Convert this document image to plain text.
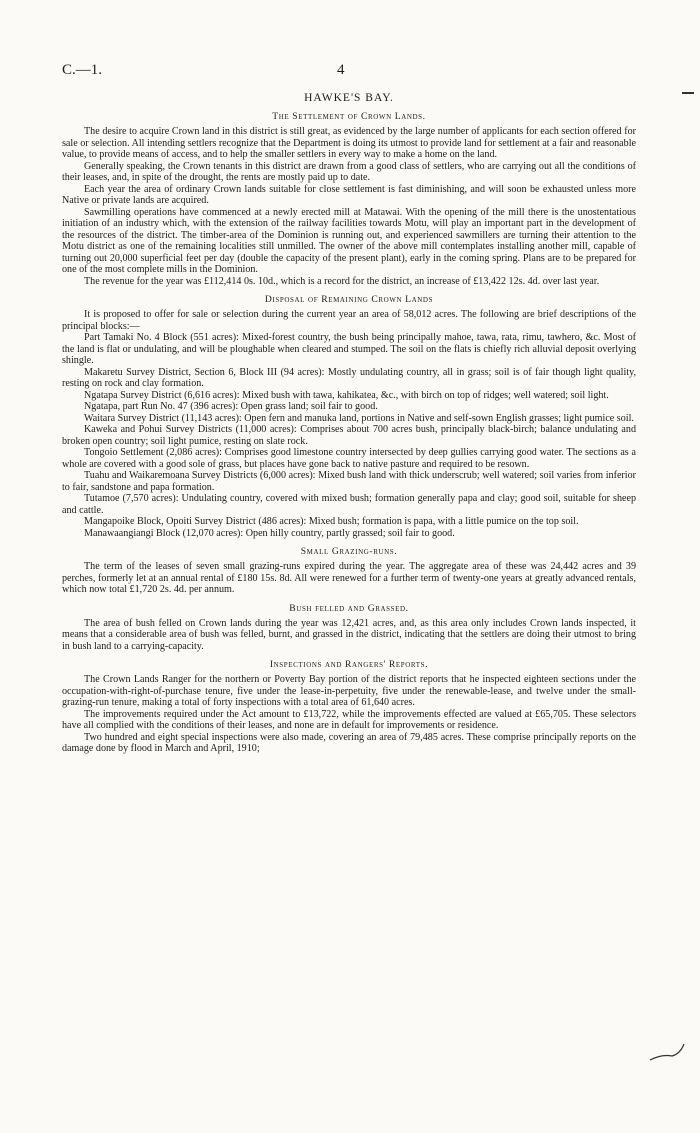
C.—1.	4
HAWKE'S BAY.
The Settlement of Crown Lands.

The desire to acquire Crown land in this district is still great, as evidenced by the large number of applicants for each section offered for sale or selection. All intending settlers recognize that the Department is doing its utmost to provide land for settlement at a fair and reasonable value, to provide means of access, and to help the smaller settlers in every way to make a home on the land.

Generally speaking, the Crown tenants in this district are drawn from a good class of settlers, who are carrying out all the conditions of their leases, and, in spite of the drought, the rents are mostly paid up to date.

Each year the area of ordinary Crown lands suitable for close settlement is fast diminishing, and will soon be exhausted unless more Native or private lands are acquired.

Sawmilling operations have commenced at a newly erected mill at Matawai. With the opening of the mill there is the unostentatious initiation of an industry which, with the extension of the railway facilities towards Motu, will play an important part in the development of the resources of the district. The timber-area of the Dominion is running out, and experienced sawmillers are turning their attention to the Motu district as one of the remaining localities still unmilled. The owner of the above mill contemplates installing another mill, capable of turning out 20,000 superficial feet per day (double the capacity of the present plant), early in the coming spring. Plans are to be prepared for one of the most complete mills in the Dominion.

The revenue for the year was £112,414 0s. 10d., which is a record for the district, an increase of £13,422 12s. 4d. over last year.

Disposal of Remaining Crown Lands

It is proposed to offer for sale or selection during the current year an area of 58,012 acres. The following are brief descriptions of the principal blocks:—

Part Tamaki No. 4 Block (551 acres): Mixed-forest country, the bush being principally mahoe, tawa, rata, rimu, tawhero, &c. Most of the land is flat or undulating, and will be ploughable when cleared and stumped. The soil on the flats is chiefly rich alluvial deposit overlying shingle.

Makaretu Survey District, Section 6, Block III (94 acres): Mostly undulating country, all in grass; soil is of fair though light quality, resting on rock and clay formation.

Ngatapa Survey District (6,616 acres): Mixed bush with tawa, kahikatea, &c., with birch on top of ridges; well watered; soil light.

Ngatapa, part Run No. 47 (396 acres): Open grass land; soil fair to good.

Waitara Survey District (11,143 acres): Open fern and manuka land, portions in Native and self-sown English grasses; light pumice soil.

Kaweka and Pohui Survey Districts (11,000 acres): Comprises about 700 acres bush, principally black-birch; balance undulating and broken open country; soil light pumice, resting on slate rock.

Tongoio Settlement (2,086 acres): Comprises good limestone country intersected by deep gullies carrying good water. The sections as a whole are covered with a good sole of grass, but places have gone back to native pasture and required to be resown.

Tuahu and Waikaremoana Survey Districts (6,000 acres): Mixed bush land with thick underscrub; well watered; soil varies from inferior to fair, sandstone and papa formation.

Tutamoe (7,570 acres): Undulating country, covered with mixed bush; formation generally papa and clay; good soil, suitable for sheep and cattle.

Mangapoike Block, Opoiti Survey District (486 acres): Mixed bush; formation is papa, with a little pumice on the top soil.

Manawaangiangi Block (12,070 acres): Open hilly country, partly grassed; soil fair to good.

Small Grazing-runs.

The term of the leases of seven small grazing-runs expired during the year. The aggregate area of these was 24,442 acres and 39 perches, formerly let at an annual rental of £180 15s. 8d. All were renewed for a further term of twenty-one years at greatly advanced rentals, which now total £1,720 2s. 4d. per annum.

Bush felled and Grassed.

The area of bush felled on Crown lands during the year was 12,421 acres, and, as this area only includes Crown lands inspected, it means that a considerable area of bush was felled, burnt, and grassed in the district, indicating that the settlers are doing their utmost to bring in bush land to a carrying-capacity.

Inspections and Rangers' Reports.

The Crown Lands Ranger for the northern or Poverty Bay portion of the district reports that he inspected eighteen sections under the occupation-with-right-of-purchase tenure, five under the lease-in-perpetuity, five under the renewable-lease, and twelve under the small-grazing-run tenure, making a total of forty inspections with a total area of 61,640 acres.

The improvements required under the Act amount to £13,722, while the improvements effected are valued at £65,705. These selectors have all complied with the conditions of their leases, and none are in default for improvements or residence.

Two hundred and eight special inspections were also made, covering an area of 79,485 acres. These comprise principally reports on the damage done by flood in March and April, 1910;
